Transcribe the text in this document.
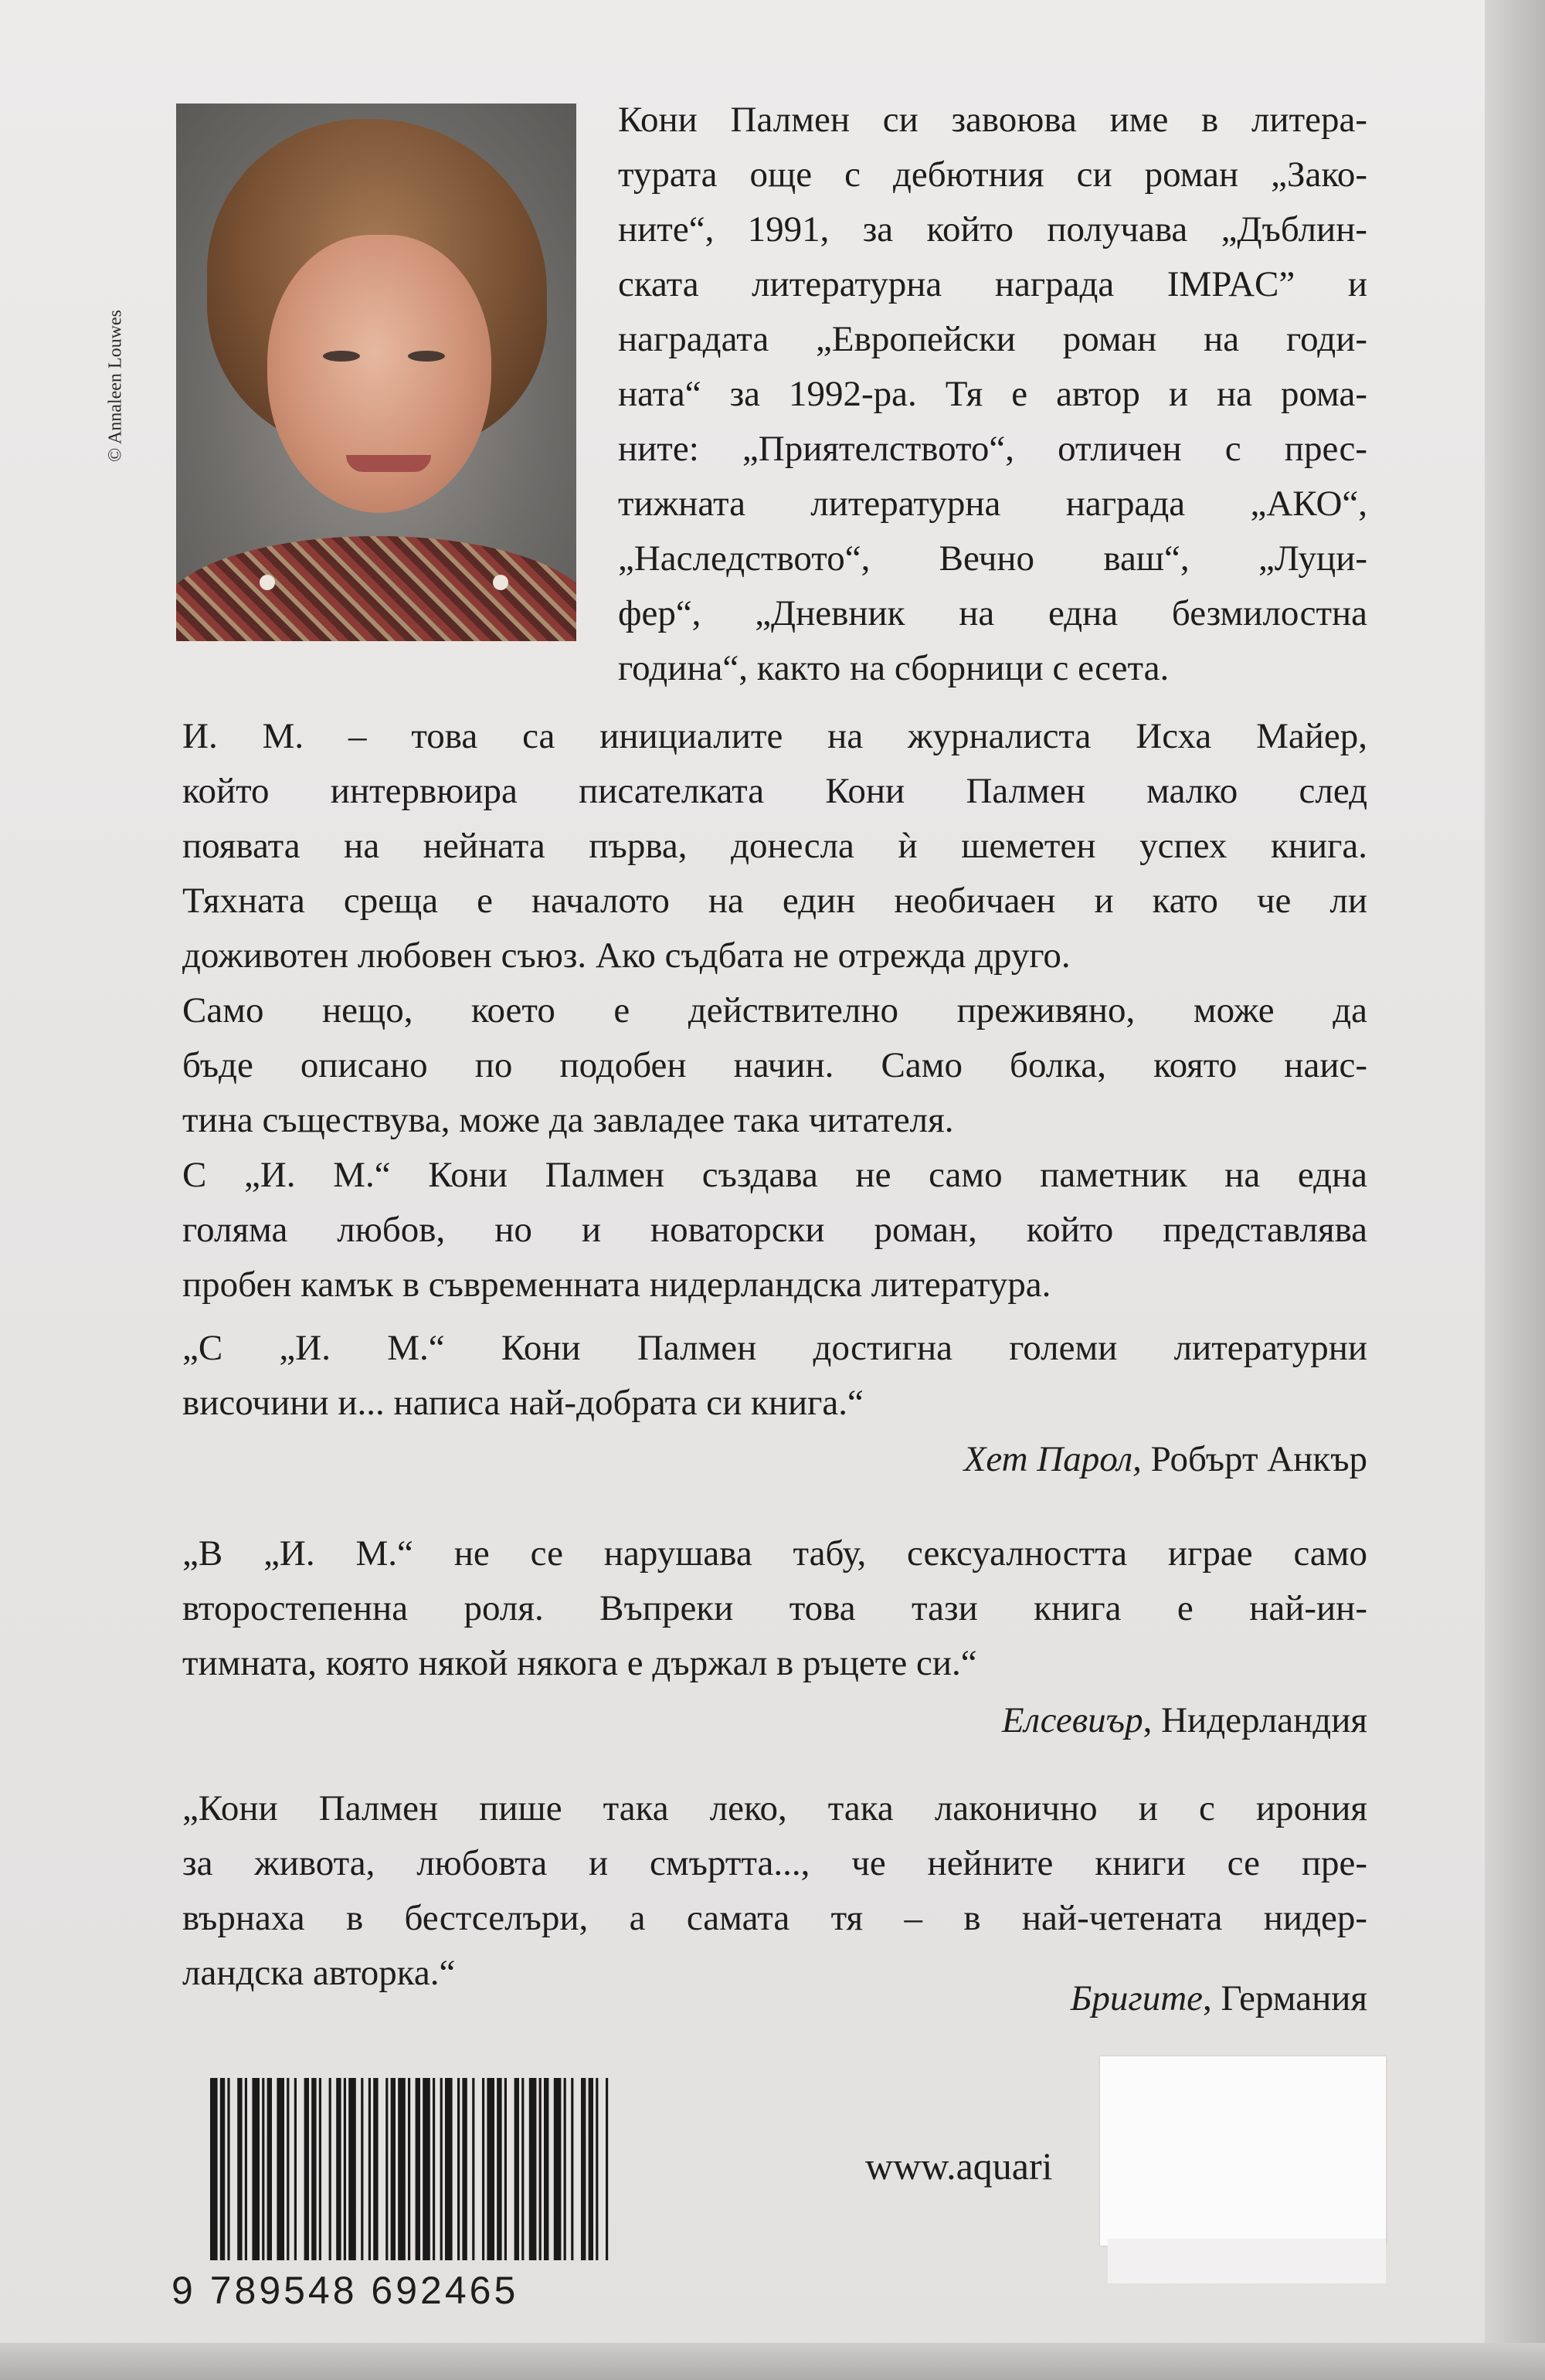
© Annaleen Louwes
Кони Палмен си завоюва име в литера-
турата още с дебютния си роман „Зако-
ните“, 1991, за който получава „Дъблин-
ската литературна награда IMPAC” и
наградата „Европейски роман на годи-
ната“ за 1992-ра. Тя е автор и на рома-
ните: „Приятелството“, отличен с прес-
тижната литературна награда „АКО“,
„Наследството“, Вечно ваш“, „Луци-
фер“, „Дневник на една безмилостна
година“, както на сборници с есета.
И. М. – това са инициалите на журналиста Исха Майер,
който интервюира писателката Кони Палмен малко след
появата на нейната първа, донесла ѝ шеметен успех книга.
Тяхната среща е началото на един необичаен и като че ли
доживотен любовен съюз. Ако съдбата не отрежда друго.
Само нещо, което е действително преживяно, може да
бъде описано по подобен начин. Само болка, която наис-
тина съществува, може да завладее така читателя.
С „И. М.“ Кони Палмен създава не само паметник на една
голяма любов, но и новаторски роман, който представлява
пробен камък в съвременната нидерландска литература.
„С „И. М.“ Кони Палмен достигна големи литературни
височини и... написа най-добрата си книга.“
Хет Парол, Робърт Анкър
„В „И. М.“ не се нарушава табу, сексуалността играе само
второстепенна роля. Въпреки това тази книга е най-ин-
тимната, която някой някога е държал в ръцете си.“
Елсевиър, Нидерландия
„Кони Палмен пише така леко, така лаконично и с ирония
за живота, любовта и смъртта..., че нейните книги се пре-
върнаха в бестселъри, а самата тя – в най-четената нидер-
ландска авторка.“
Бригите, Германия
9 789548 692465
www.aquari
